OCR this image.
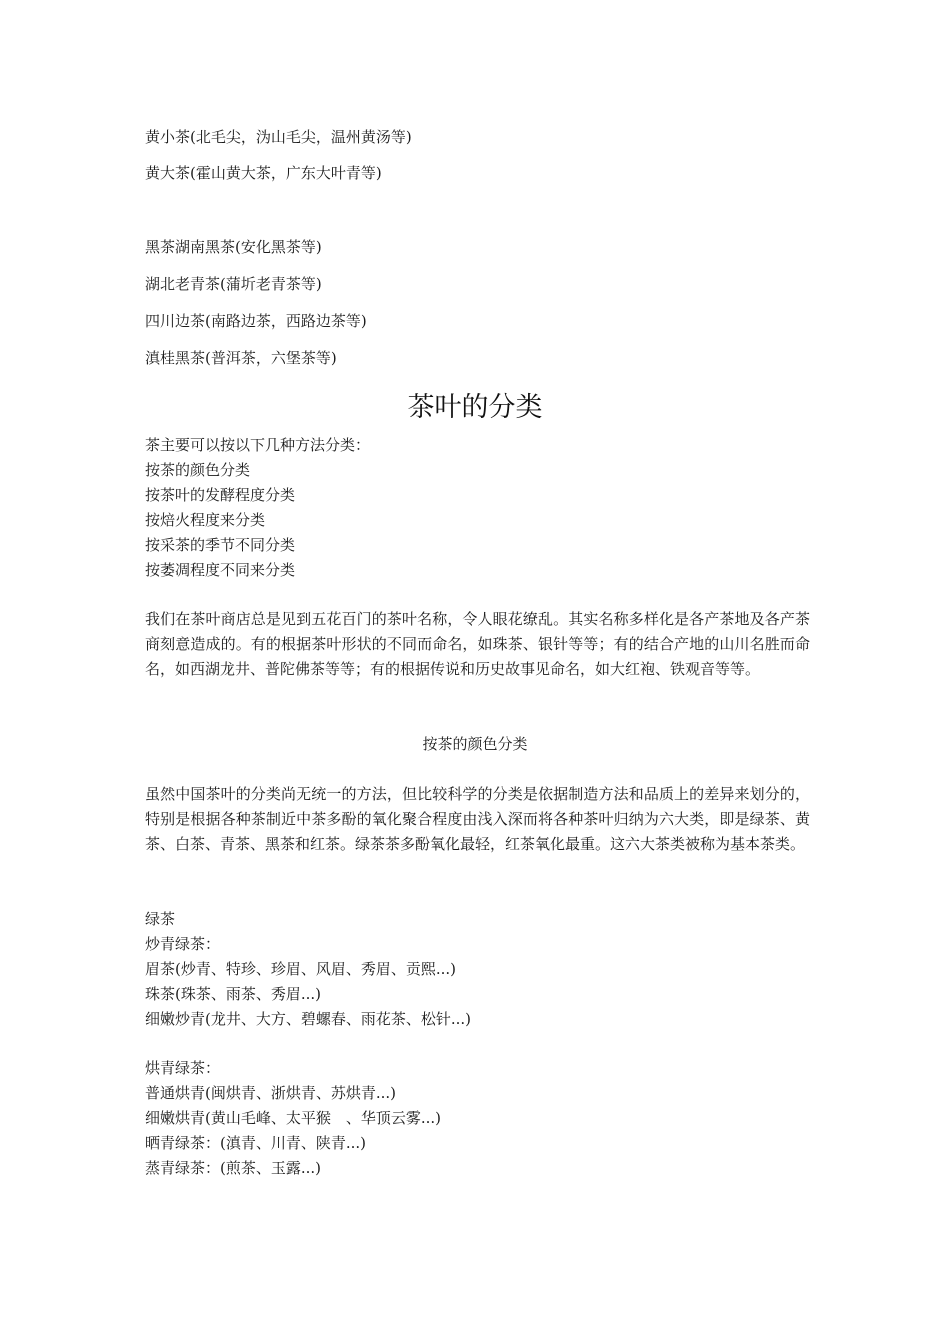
黄小茶(北毛尖，沩山毛尖，温州黄汤等)
黄大茶(霍山黄大茶，广东大叶青等)
黑茶湖南黑茶(安化黑茶等)
湖北老青茶(蒲圻老青茶等)
四川边茶(南路边茶，西路边茶等)
滇桂黑茶(普洱茶，六堡茶等)
茶叶的分类
茶主要可以按以下几种方法分类：
按茶的颜色分类
按茶叶的发酵程度分类
按焙火程度来分类
按采茶的季节不同分类
按萎凋程度不同来分类
我们在茶叶商店总是见到五花百门的茶叶名称，令人眼花缭乱。其实名称多样化是各产茶地及各产茶商刻意造成的。有的根据茶叶形状的不同而命名，如珠茶、银针等等；有的结合产地的山川名胜而命名，如西湖龙井、普陀佛茶等等；有的根据传说和历史故事见命名，如大红袍、铁观音等等。
按茶的颜色分类
虽然中国茶叶的分类尚无统一的方法，但比较科学的分类是依据制造方法和品质上的差异来划分的，特别是根据各种茶制近中茶多酚的氧化聚合程度由浅入深而将各种茶叶归纳为六大类，即是绿茶、黄茶、白茶、青茶、黑茶和红茶。绿茶茶多酚氧化最轻，红茶氧化最重。这六大茶类被称为基本茶类。
绿茶
炒青绿茶：
眉茶(炒青、特珍、珍眉、风眉、秀眉、贡熙...)
珠茶(珠茶、雨茶、秀眉...)
细嫩炒青(龙井、大方、碧螺春、雨花茶、松针...)
烘青绿茶：
普通烘青(闽烘青、浙烘青、苏烘青...)
细嫩烘青(黄山毛峰、太平猴　、华顶云雾...)
晒青绿茶：(滇青、川青、陕青...)
蒸青绿茶：(煎茶、玉露...)
